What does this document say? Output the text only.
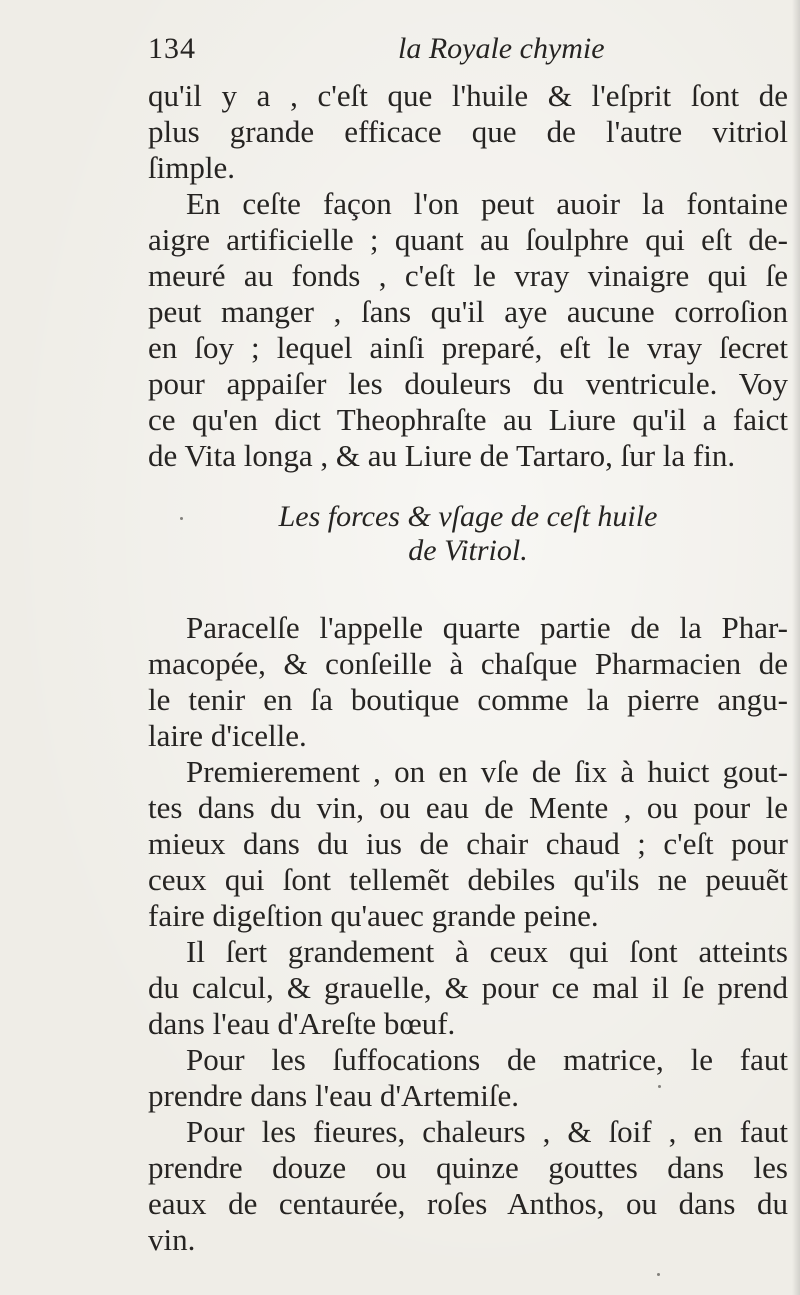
134	la Royale chymie
qu'il y a , c'eſt que l'huile & l'eſprit ſont de
plus grande efficace que de l'autre vitriol
ſimple.
En ceſte façon l'on peut auoir la fontaine
aigre artificielle ; quant au ſoulphre qui eſt de-
meuré au fonds , c'eſt le vray vinaigre qui ſe
peut manger , ſans qu'il aye aucune corroſion
en ſoy ; lequel ainſi preparé, eſt le vray ſecret
pour appaiſer les douleurs du ventricule. Voy
ce qu'en dict Theophraſte au Liure qu'il a faict
de Vita longa , & au Liure de Tartaro, ſur la fin.
Les forces & vſage de ceſt huile
de Vitriol.
Paracelſe l'appelle quarte partie de la Phar-
macopée, & conſeille à chaſque Pharmacien de
le tenir en ſa boutique comme la pierre angu-
laire d'icelle.
Premierement , on en vſe de ſix à huict gout-
tes dans du vin, ou eau de Mente , ou pour le
mieux dans du ius de chair chaud ; c'eſt pour
ceux qui ſont tellemẽt debiles qu'ils ne peuuẽt
faire digeſtion qu'auec grande peine.
Il ſert grandement à ceux qui ſont atteints
du calcul, & grauelle, & pour ce mal il ſe prend
dans l'eau d'Areſte bœuf.
Pour les ſuffocations de matrice, le faut
prendre dans l'eau d'Artemiſe.
Pour les fieures, chaleurs , & ſoif , en faut
prendre douze ou quinze gouttes dans les
eaux de centaurée, roſes Anthos, ou dans du
vin.
